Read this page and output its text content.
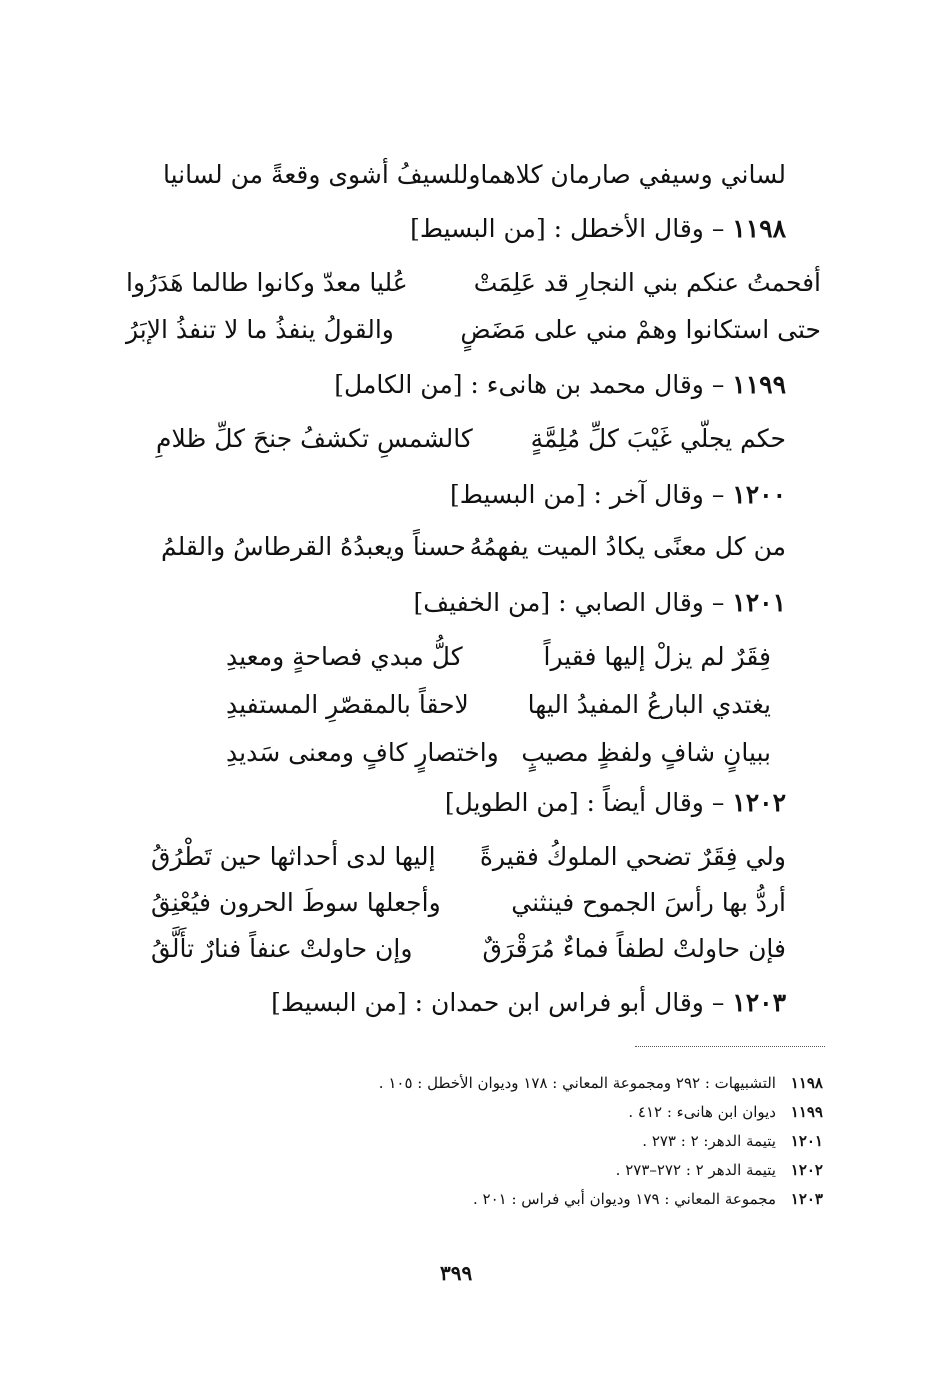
لساني وسيفي صارمان كلاهما
وللسيفُ أشوى وقعةً من لسانيا
١١٩٨ – وقال الأخطل : [من البسيط]
أفحمتُ عنكم بني النجارِ قد عَلِمَتْ
عُليا معدّ وكانوا طالما هَدَرُوا
حتى استكانوا وهمْ مني على مَضَضٍ
والقولُ ينفذُ ما لا تنفذُ الإبَرُ
١١٩٩ – وقال محمد بن هانىء : [من الكامل]
حكم يجلّي غَيْبَ كلِّ مُلِمَّةٍ
كالشمسِ تكشفُ جنحَ كلِّ ظلامِ
١٢٠٠ – وقال آخر : [من البسيط]
من كل معنًى يكادُ الميت يفهمُهُ
حسناً ويعبدُهُ القرطاسُ والقلمُ
١٢٠١ – وقال الصابي : [من الخفيف]
فِقَرٌ لم يزلْ إليها فقيراً
كلُّ مبدي فصاحةٍ ومعيدِ
يغتدي البارعُ المفيدُ اليها
لاحقاً بالمقصّرِ المستفيدِ
ببيانٍ شافٍ ولفظٍ مصيبٍ
واختصارٍ كافٍ ومعنى سَديدِ
١٢٠٢ – وقال أيضاً : [من الطويل]
ولي فِقَرٌ تضحي الملوكُ فقيرةً
إليها لدى أحداثها حين تَطْرُقُ
أردُّ بها رأسَ الجموح فينثني
وأجعلها سوطَ الحرون فيُعْنِقُ
فإن حاولتْ لطفاً فماءٌ مُرَقْرَقٌ
وإن حاولتْ عنفاً فنارٌ تأَلَّقُ
١٢٠٣ – وقال أبو فراس ابن حمدان : [من البسيط]
١١٩٨ التشبيهات : ٢٩٢ ومجموعة المعاني : ١٧٨ وديوان الأخطل : ١٠٥ .
١١٩٩ ديوان ابن هانىء : ٤١٢ .
١٢٠١ يتيمة الدهر: ٢ : ٢٧٣ .
١٢٠٢ يتيمة الدهر ٢ : ٢٧٢–٢٧٣ .
١٢٠٣ مجموعة المعاني : ١٧٩ وديوان أبي فراس : ٢٠١ .
٣٩٩
